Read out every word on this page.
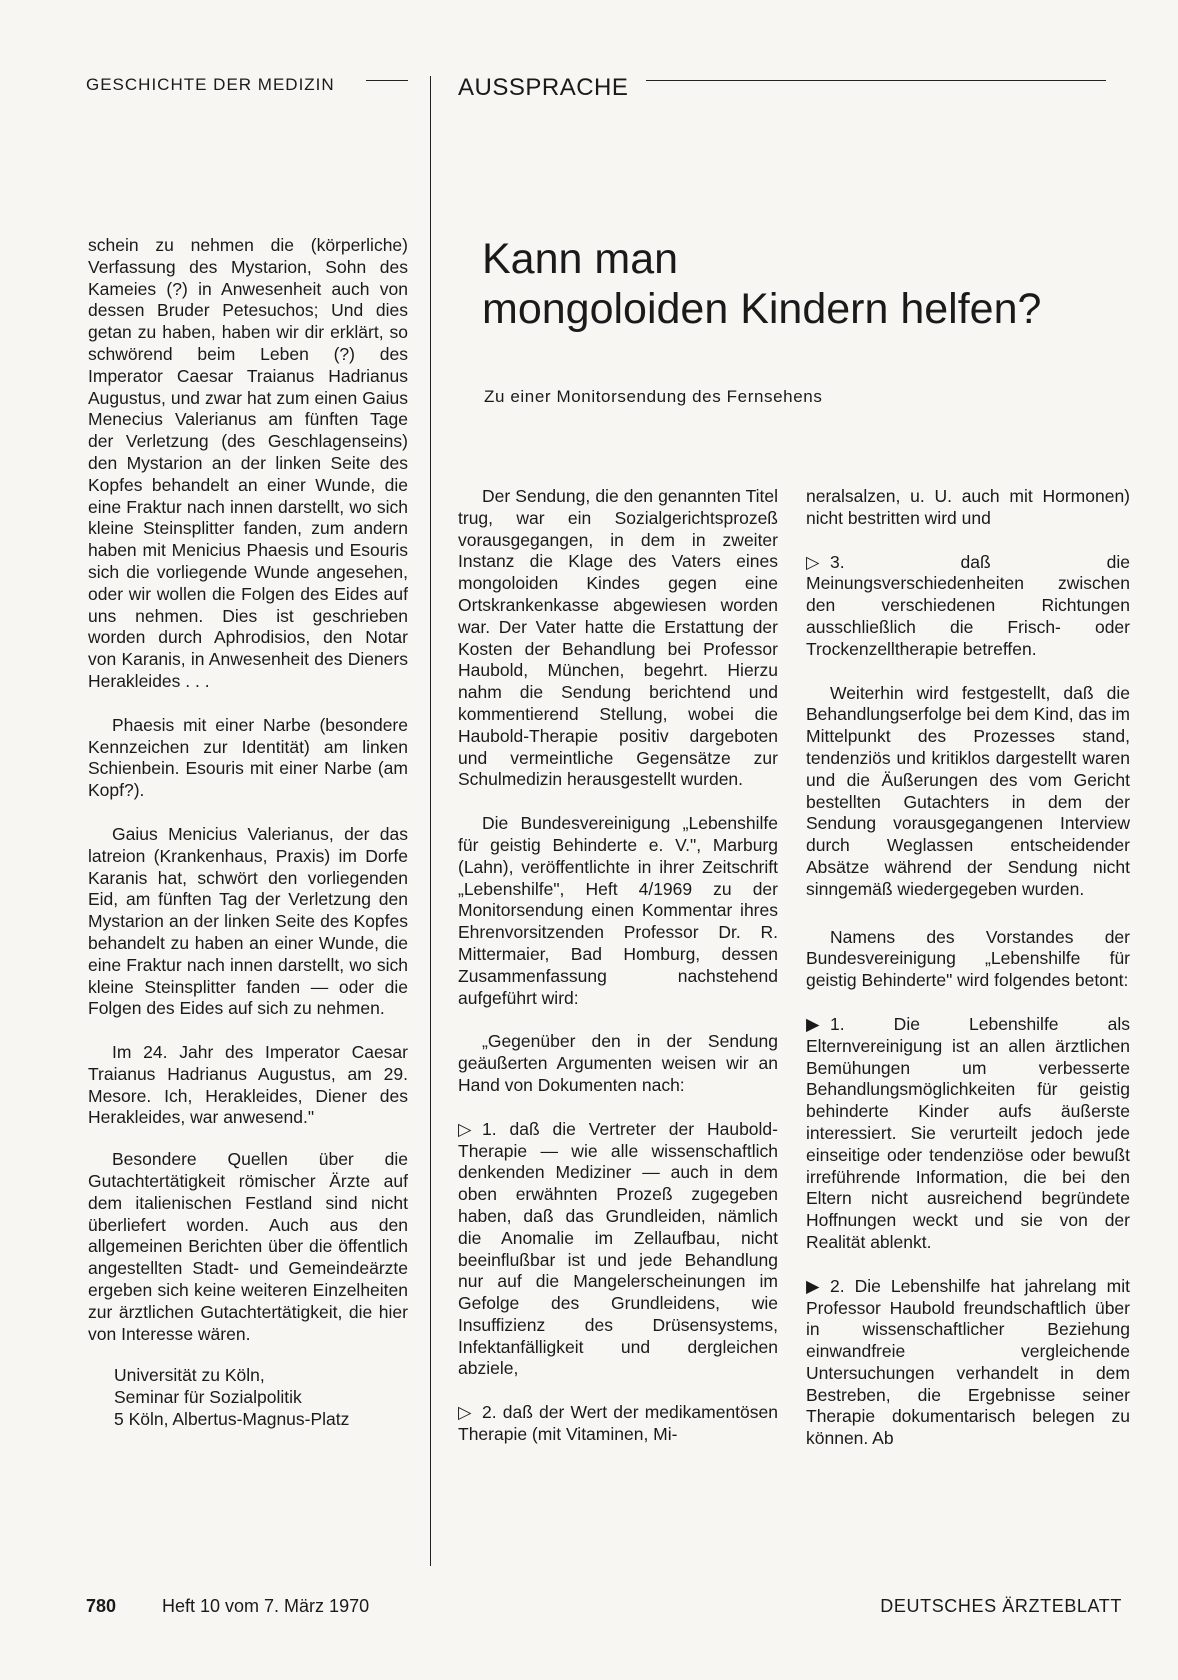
GESCHICHTE DER MEDIZIN	AUSSPRACHE

schein zu nehmen die (körperliche) Verfassung des Mystarion, Sohn des Kameies (?) in Anwesenheit auch von dessen Bruder Petesuchos; Und dies getan zu haben, haben wir dir erklärt, so schwörend beim Leben (?) des Imperator Caesar Traianus Hadrianus Augustus, und zwar hat zum einen Gaius Menecius Valerianus am fünften Tage der Verletzung (des Geschlagenseins) den Mystarion an der linken Seite des Kopfes behandelt an einer Wunde, die eine Fraktur nach innen darstellt, wo sich kleine Steinsplitter fanden, zum andern haben mit Menicius Phaesis und Esouris sich die vorliegende Wunde angesehen, oder wir wollen die Folgen des Eides auf uns nehmen. Dies ist geschrieben worden durch Aphrodisios, den Notar von Karanis, in Anwesenheit des Dieners Herakleides . . .

Phaesis mit einer Narbe (besondere Kennzeichen zur Identität) am linken Schienbein. Esouris mit einer Narbe (am Kopf?).

Gaius Menicius Valerianus, der das latreion (Krankenhaus, Praxis) im Dorfe Karanis hat, schwört den vorliegenden Eid, am fünften Tag der Verletzung den Mystarion an der linken Seite des Kopfes behandelt zu haben an einer Wunde, die eine Fraktur nach innen darstellt, wo sich kleine Steinsplitter fanden — oder die Folgen des Eides auf sich zu nehmen.

Im 24. Jahr des Imperator Caesar Traianus Hadrianus Augustus, am 29. Mesore. Ich, Herakleides, Diener des Herakleides, war anwesend."

Besondere Quellen über die Gutachtertätigkeit römischer Ärzte auf dem italienischen Festland sind nicht überliefert worden. Auch aus den allgemeinen Berichten über die öffentlich angestellten Stadt- und Gemeindeärzte ergeben sich keine weiteren Einzelheiten zur ärztlichen Gutachtertätigkeit, die hier von Interesse wären.

Universität zu Köln,
Seminar für Sozialpolitik
5 Köln, Albertus-Magnus-Platz
Kann man
mongoloiden Kindern helfen?
Zu einer Monitorsendung des Fernsehens

Der Sendung, die den genannten Titel trug, war ein Sozialgerichtsprozeß vorausgegangen, in dem in zweiter Instanz die Klage des Vaters eines mongoloiden Kindes gegen eine Ortskrankenkasse abgewiesen worden war. Der Vater hatte die Erstattung der Kosten der Behandlung bei Professor Haubold, München, begehrt. Hierzu nahm die Sendung berichtend und kommentierend Stellung, wobei die Haubold-Therapie positiv dargeboten und vermeintliche Gegensätze zur Schulmedizin herausgestellt wurden.

Die Bundesvereinigung „Lebenshilfe für geistig Behinderte e. V.", Marburg (Lahn), veröffentlichte in ihrer Zeitschrift „Lebenshilfe", Heft 4/1969 zu der Monitorsendung einen Kommentar ihres Ehrenvorsitzenden Professor Dr. R. Mittermaier, Bad Homburg, dessen Zusammenfassung nachstehend aufgeführt wird:

„Gegenüber den in der Sendung geäußerten Argumenten weisen wir an Hand von Dokumenten nach:

▷ 1. daß die Vertreter der Haubold-Therapie — wie alle wissenschaftlich denkenden Mediziner — auch in dem oben erwähnten Prozeß zugegeben haben, daß das Grundleiden, nämlich die Anomalie im Zellaufbau, nicht beeinflußbar ist und jede Behandlung nur auf die Mangelerscheinungen im Gefolge des Grundleidens, wie Insuffizienz des Drüsensystems, Infektanfälligkeit und dergleichen abziele,

▷ 2. daß der Wert der medikamentösen Therapie (mit Vitaminen, Mi-

neralsalzen, u. U. auch mit Hormonen) nicht bestritten wird und

▷ 3. daß die Meinungsverschiedenheiten zwischen den verschiedenen Richtungen ausschließlich die Frisch- oder Trockenzelltherapie betreffen.

Weiterhin wird festgestellt, daß die Behandlungserfolge bei dem Kind, das im Mittelpunkt des Prozesses stand, tendenziös und kritiklos dargestellt waren und die Äußerungen des vom Gericht bestellten Gutachters in dem der Sendung vorausgegangenen Interview durch Weglassen entscheidender Absätze während der Sendung nicht sinngemäß wiedergegeben wurden.

Namens des Vorstandes der Bundesvereinigung „Lebenshilfe für geistig Behinderte" wird folgendes betont:

▶ 1. Die Lebenshilfe als Elternvereinigung ist an allen ärztlichen Bemühungen um verbesserte Behandlungsmöglichkeiten für geistig behinderte Kinder aufs äußerste interessiert. Sie verurteilt jedoch jede einseitige oder tendenziöse oder bewußt irreführende Information, die bei den Eltern nicht ausreichend begründete Hoffnungen weckt und sie von der Realität ablenkt.

▶ 2. Die Lebenshilfe hat jahrelang mit Professor Haubold freundschaftlich über in wissenschaftlicher Beziehung einwandfreie vergleichende Untersuchungen verhandelt in dem Bestreben, die Ergebnisse seiner Therapie dokumentarisch belegen zu können. Ab

780	Heft 10 vom 7. März 1970	DEUTSCHES ÄRZTEBLATT
